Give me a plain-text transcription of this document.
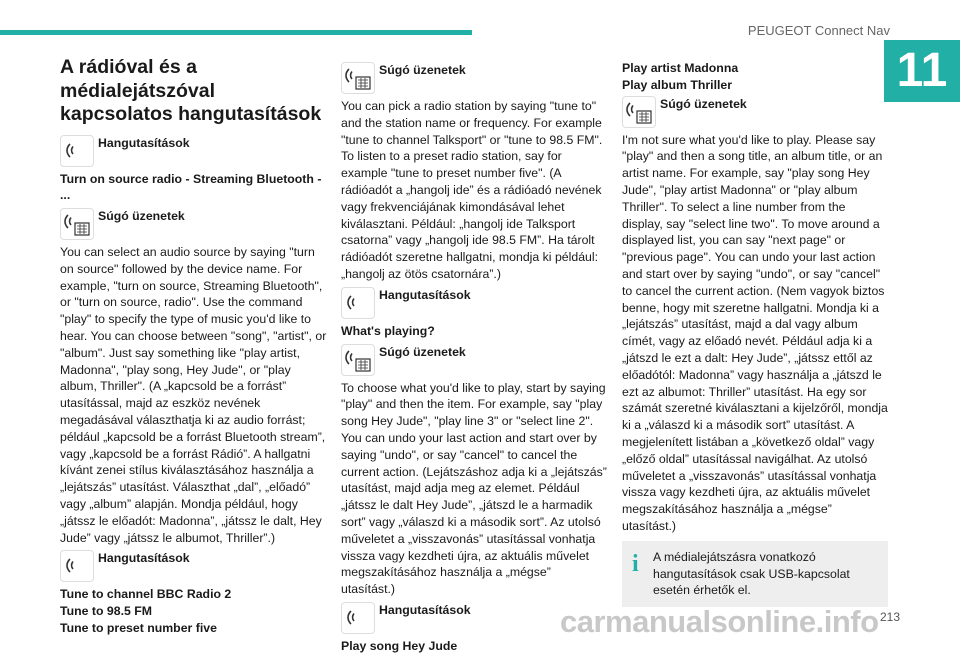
PEUGEOT Connect Nav
11
A rádióval és a médialejátszóval kapcsolatos hangutasítások
Hangutasítások

Turn on source radio - Streaming Bluetooth - ...

Súgó üzenetek

You can select an audio source by saying "turn on source" followed by the device name. For example, "turn on source, Streaming Bluetooth", or "turn on source, radio". Use the command "play" to specify the type of music you'd like to hear. You can choose between "song", "artist", or "album". Just say something like "play artist, Madonna", "play song, Hey Jude", or "play album, Thriller". (A „kapcsold be a forrást” utasítással, majd az eszköz nevének megadásával választhatja ki az audio forrást; például „kapcsold be a forrást Bluetooth stream”, vagy „kapcsold be a forrást Rádió”. A hallgatni kívánt zenei stílus kiválasztásához használja a „lejátszás” utasítást. Választhat „dal”, „előadó” vagy „album” alapján. Mondja például, hogy „játssz le előadót: Madonna”, „játssz le dalt, Hey Jude” vagy „játssz le albumot, Thriller”.)

Hangutasítások

Tune to channel BBC Radio 2

Tune to 98.5 FM

Tune to preset number five

Súgó üzenetek

You can pick a radio station by saying "tune to" and the station name or frequency. For example "tune to channel Talksport" or "tune to 98.5 FM". To listen to a preset radio station, say for example "tune to preset number five". (A rádióadót a „hangolj ide” és a rádióadó nevének vagy frekvenciájának kimondásával lehet kiválasztani. Például: „hangolj ide Talksport csatorna” vagy „hangolj ide 98.5 FM”. Ha tárolt rádióadót szeretne hallgatni, mondja ki például: „hangolj az ötös csatornára”.)

Hangutasítások

What's playing?

Súgó üzenetek

To choose what you'd like to play, start by saying "play" and then the item. For example, say "play song Hey Jude", "play line 3" or "select line 2". You can undo your last action and start over by saying "undo", or say "cancel" to cancel the current action. (Lejátszáshoz adja ki a „lejátszás” utasítást, majd adja meg az elemet. Például „játssz le dalt Hey Jude”, „játszd le a harmadik sort” vagy „válaszd ki a második sort”. Az utolsó műveletet a „visszavonás” utasítással vonhatja vissza vagy kezdheti újra, az aktuális művelet megszakításához használja a „mégse” utasítást.)

Hangutasítások

Play song Hey Jude

Play artist Madonna

Play album Thriller

Súgó üzenetek

I'm not sure what you'd like to play. Please say "play" and then a song title, an album title, or an artist name. For example, say "play song Hey Jude", "play artist Madonna" or "play album Thriller". To select a line number from the display, say "select line two". To move around a displayed list, you can say "next page" or "previous page". You can undo your last action and start over by saying "undo", or say "cancel" to cancel the current action. (Nem vagyok biztos benne, hogy mit szeretne hallgatni. Mondja ki a „lejátszás” utasítást, majd a dal vagy album címét, vagy az előadó nevét. Például adja ki a „játszd le ezt a dalt: Hey Jude”, „játssz ettől az előadótól: Madonna” vagy használja a „játszd le ezt az albumot: Thriller” utasítást. Ha egy sor számát szeretné kiválasztani a kijelzőről, mondja ki a „válaszd ki a második sort” utasítást. A megjelenített listában a „következő oldal” vagy „előző oldal” utasítással navigálhat. Az utolsó műveletet a „visszavonás” utasítással vonhatja vissza vagy kezdheti újra, az aktuális művelet megszakításához használja a „mégse” utasítást.)

i	A médialejátszásra vonatkozó hangutasítások csak USB-kapcsolat esetén érhetők el.
carmanualsonline.info 213
